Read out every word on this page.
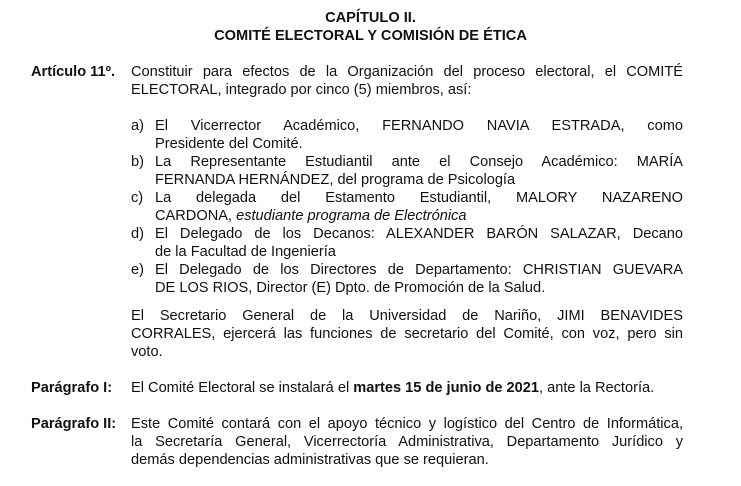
CAPÍTULO II.
COMITÉ ELECTORAL Y COMISIÓN DE ÉTICA
Artículo 11º. Constituir para efectos de la Organización del proceso electoral, el COMITÉ
ELECTORAL, integrado por cinco (5) miembros, así:
a) El Vicerrector Académico, FERNANDO NAVIA ESTRADA, como
Presidente del Comité.
b) La Representante Estudiantil ante el Consejo Académico: MARÍA
FERNANDA HERNÁNDEZ, del programa de Psicología
c) La delegada del Estamento Estudiantil, MALORY NAZARENO
CARDONA, estudiante programa de Electrónica
d) El Delegado de los Decanos: ALEXANDER BARÓN SALAZAR, Decano
de la Facultad de Ingeniería
e) El Delegado de los Directores de Departamento: CHRISTIAN GUEVARA
DE LOS RIOS, Director (E) Dpto. de Promoción de la Salud.
El Secretario General de la Universidad de Nariño, JIMI BENAVIDES
CORRALES, ejercerá las funciones de secretario del Comité, con voz, pero sin
voto.
Parágrafo I: El Comité Electoral se instalará el martes 15 de junio de 2021, ante la Rectoría.
Parágrafo II: Este Comité contará con el apoyo técnico y logístico del Centro de Informática,
la Secretaría General, Vicerrectoría Administrativa, Departamento Jurídico y
demás dependencias administrativas que se requieran.
